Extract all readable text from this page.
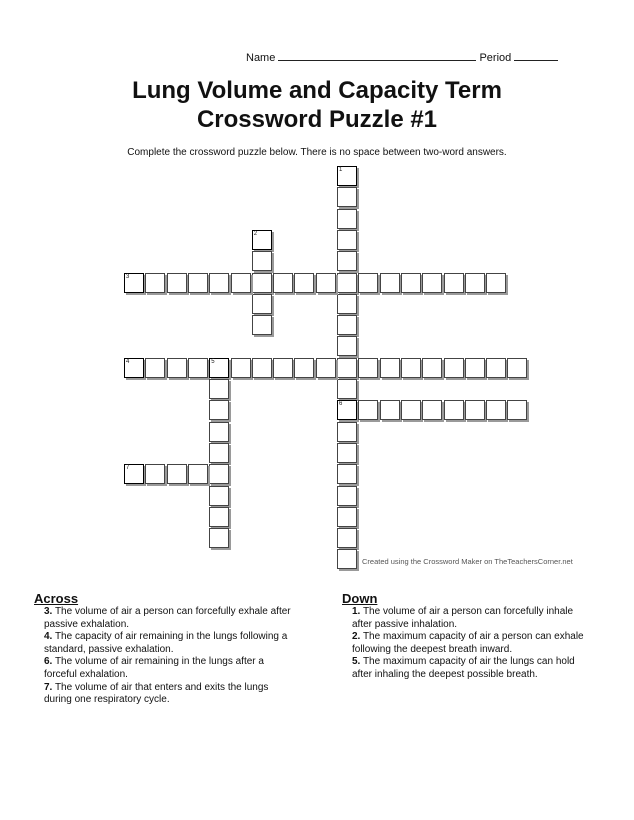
Name	Period
Lung Volume and Capacity Term
Crossword Puzzle #1
Complete the crossword puzzle below. There is no space between two-word answers.
1
6
2
3
4	5
7
Created using the Crossword Maker on TheTeachersCorner.net
Across
3. The volume of air a person can forcefully exhale after passive exhalation.
4. The capacity of air remaining in the lungs following a standard, passive exhalation.
6. The volume of air remaining in the lungs after a forceful exhalation.
7. The volume of air that enters and exits the lungs during one respiratory cycle.
Down
1. The volume of air a person can forcefully inhale after passive inhalation.
2. The maximum capacity of air a person can exhale following the deepest breath inward.
5. The maximum capacity of air the lungs can hold after inhaling the deepest possible breath.
